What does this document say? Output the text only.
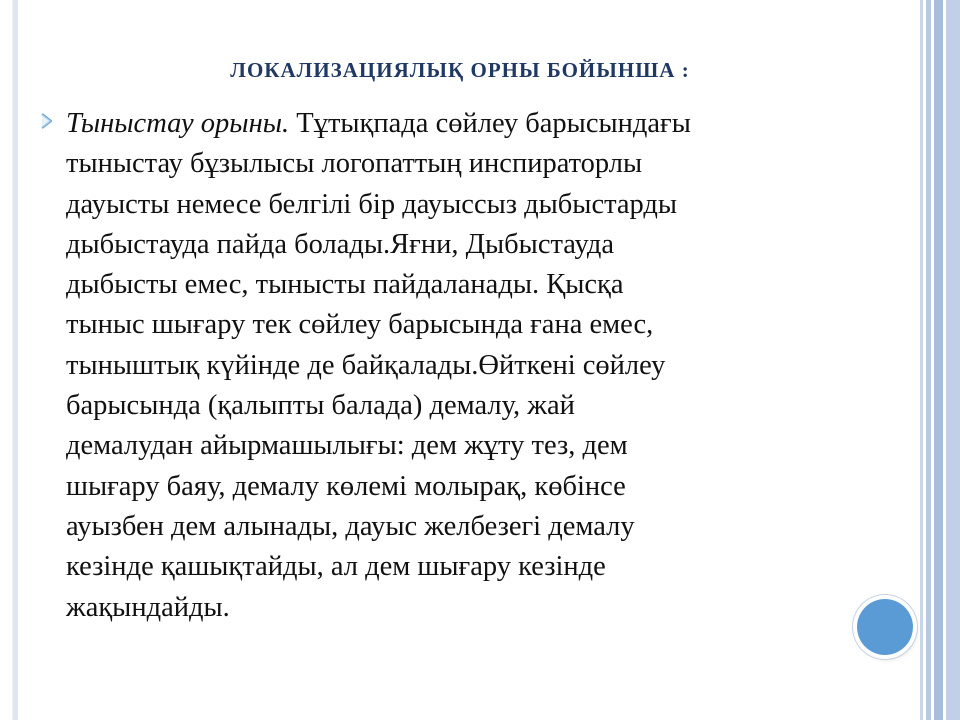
ЛОКАЛИЗАЦИЯЛЫҚ ОРНЫ БОЙЫНША :

Тыныстау орыны. Тұтықпада сөйлеу барысындағы
тыныстау бұзылысы логопаттың инспираторлы
дауысты немесе белгілі бір дауыссыз дыбыстарды
дыбыстауда пайда болады.Яғни, Дыбыстауда
дыбысты емес, тынысты пайдаланады. Қысқа
тыныс шығару тек сөйлеу барысында ғана емес,
тыныштық күйінде де байқалады.Өйткені сөйлеу
барысында (қалыпты балада) демалу, жай
демалудан айырмашылығы: дем жұту тез, дем
шығару баяу, демалу көлемі молырақ, көбінсе
ауызбен дем алынады, дауыс желбезегі демалу
кезінде қашықтайды, ал дем шығару кезінде
жақындайды.
